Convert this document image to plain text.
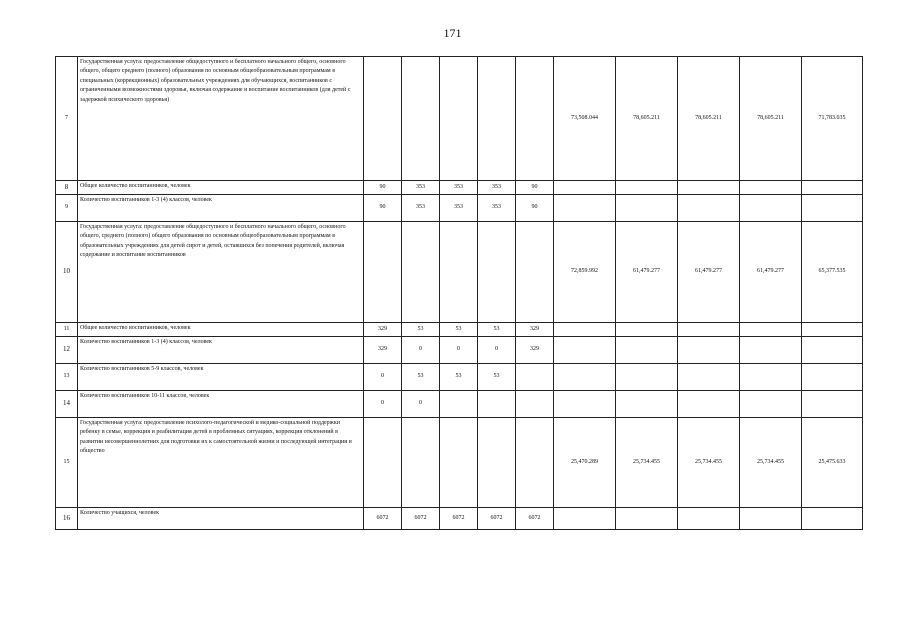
171
7	Государственная услуга: предоставление общедоступного и бесплатного начального общего, основного общего, общего среднего (полного) образования по основным общеобразовательным программам в специальных (коррекционных) образовательных учреждениях для обучающихся, воспитанников с ограниченными возможностями здоровья, включая содержание и воспитание воспитанников (для детей с задержкой психического здоровья)						73,508.044	78,605.211	78,605.211	78,605.211	71,783.035
8	Общее количество воспитанников, человек	90	353	353	353	90					
9	Количество воспитанников 1-3 (4) классов, человек	90	353	353	353	90					
10	Государственная услуга: предоставление общедоступного и бесплатного начального общего, основного общего, среднего (полного) общего образования по основным общеобразовательным программам в образовательных учреждениях для детей сирот и детей, оставшихся без попечения родителей, включая содержание и воспитание воспитанников						72,859.992	61,479.277	61,479.277	61,479.277	65,377.535
11	Общее количество воспитанников, человек	329	53	53	53	329					
12	Количество воспитанников 1-3 (4) классов, человек	329	0	0	0	329					
13	Количество воспитанников 5-9 классов, человек	0	53	53	53						
14	Количество воспитанников 10-11 классов, человек	0	0								
15	Государственная услуга: предоставление психолого-педагогической и медико-социальной поддержки ребенку в семье, коррекция и реабилитация детей в проблемных ситуациях, коррекция отклонений в развитии несовершеннолетних для подготовки их к самостоятельной жизни и последующей интеграции в общество						25,470.289	25,734.455	25,734.455	25,734.455	25,475.633
16	Количество учащихся, человек	6072	6072	6072	6072	6072					
